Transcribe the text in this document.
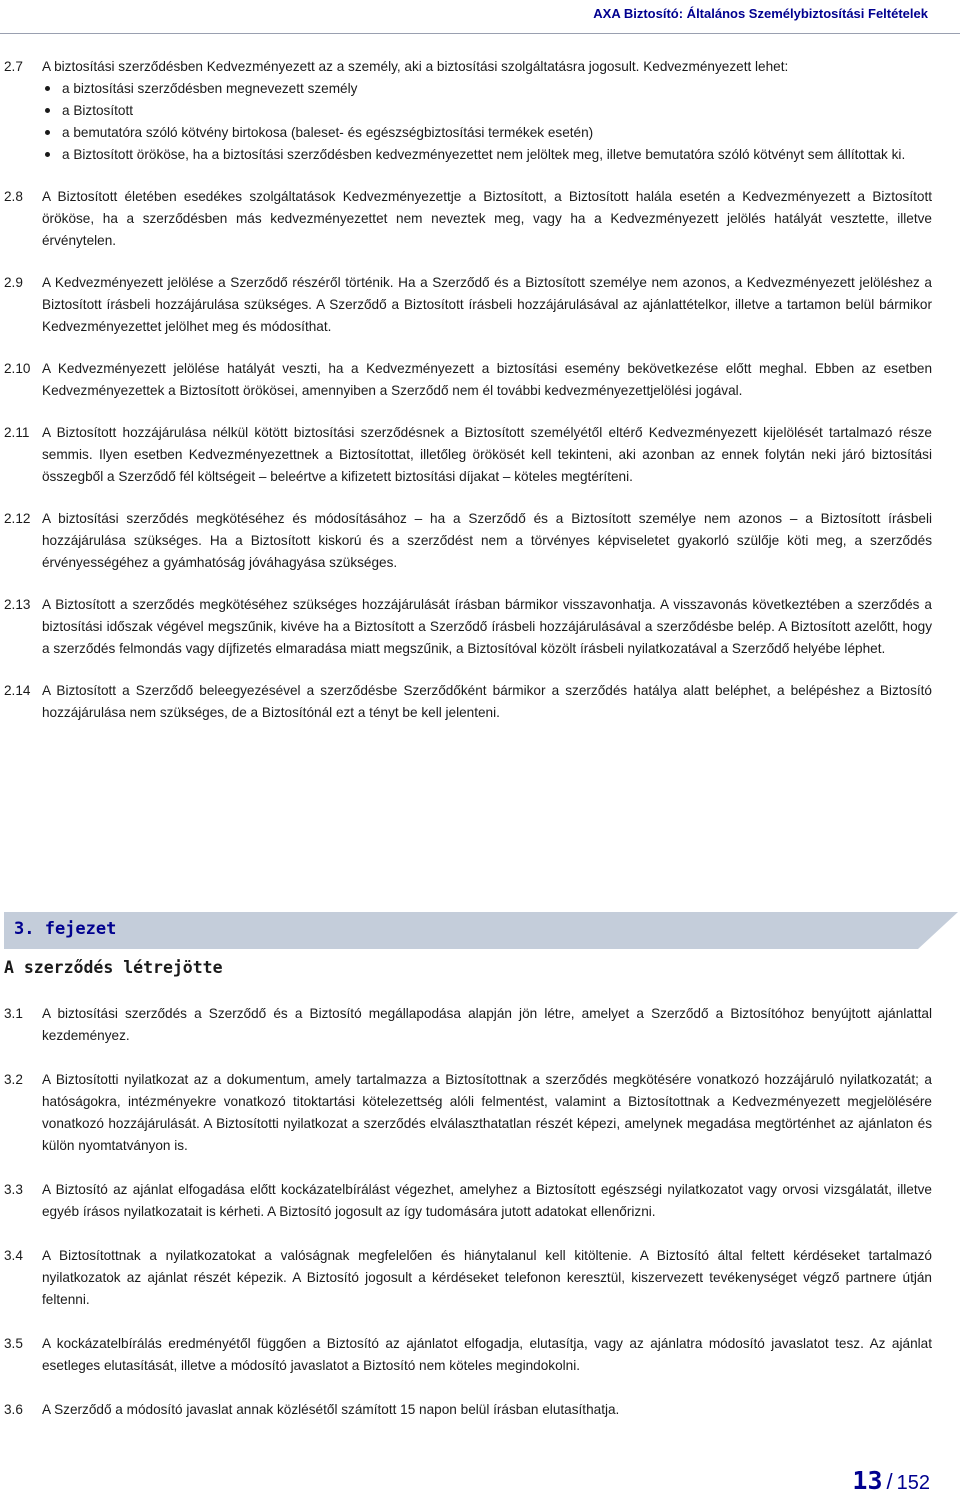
AXA Biztosító: Általános Személybiztosítási Feltételek
2.7 A biztosítási szerződésben Kedvezményezett az a személy, aki a biztosítási szolgáltatásra jogosult. Kedvezményezett lehet:
a biztosítási szerződésben megnevezett személy
a Biztosított
a bemutatóra szóló kötvény birtokosa (baleset- és egészségbiztosítási termékek esetén)
a Biztosított örököse, ha a biztosítási szerződésben kedvezményezettet nem jelöltek meg, illetve bemutatóra szóló kötvényt sem állítottak ki.
2.8 A Biztosított életében esedékes szolgáltatások Kedvezményezettje a Biztosított, a Biztosított halála esetén a Kedvezményezett a Biztosított örököse, ha a szerződésben más kedvezményezettet nem neveztek meg, vagy ha a Kedvezményezett jelölés hatályát vesztette, illetve érvénytelen.
2.9 A Kedvezményezett jelölése a Szerződő részéről történik. Ha a Szerződő és a Biztosított személye nem azonos, a Kedvezményezett jelöléshez a Biztosított írásbeli hozzájárulása szükséges. A Szerződő a Biztosított írásbeli hozzájárulásával az ajánlattételkor, illetve a tartamon belül bármikor Kedvezményezettet jelölhet meg és módosíthat.
2.10 A Kedvezményezett jelölése hatályát veszti, ha a Kedvezményezett a biztosítási esemény bekövetkezése előtt meghal. Ebben az esetben Kedvezményezettek a Biztosított örökösei, amennyiben a Szerződő nem él további kedvezményezettjelölési jogával.
2.11 A Biztosított hozzájárulása nélkül kötött biztosítási szerződésnek a Biztosított személyétől eltérő Kedvezményezett kijelölését tartalmazó része semmis. Ilyen esetben Kedvezményezettnek a Biztosítottat, illetőleg örökösét kell tekinteni, aki azonban az ennek folytán neki járó biztosítási összegből a Szerződő fél költségeit – beleértve a kifizetett biztosítási díjakat – köteles megtéríteni.
2.12 A biztosítási szerződés megkötéséhez és módosításához – ha a Szerződő és a Biztosított személye nem azonos – a Biztosított írásbeli hozzájárulása szükséges. Ha a Biztosított kiskorú és a szerződést nem a törvényes képviseletet gyakorló szülője köti meg, a szerződés érvényességéhez a gyámhatóság jóváhagyása szükséges.
2.13 A Biztosított a szerződés megkötéséhez szükséges hozzájárulását írásban bármikor visszavonhatja. A visszavonás következtében a szerződés a biztosítási időszak végével megszűnik, kivéve ha a Biztosított a Szerződő írásbeli hozzájárulásával a szerződésbe belép. A Biztosított azelőtt, hogy a szerződés felmondás vagy díjfizetés elmaradása miatt megszűnik, a Biztosítóval közölt írásbeli nyilatkozatával a Szerződő helyébe léphet.
2.14 A Biztosított a Szerződő beleegyezésével a szerződésbe Szerződőként bármikor a szerződés hatálya alatt beléphet, a belépéshez a Biztosító hozzájárulása nem szükséges, de a Biztosítónál ezt a tényt be kell jelenteni.
3. fejezet
A szerződés létrejötte
3.1 A biztosítási szerződés a Szerződő és a Biztosító megállapodása alapján jön létre, amelyet a Szerződő a Biztosítóhoz benyújtott ajánlattal kezdeményez.
3.2 A Biztosítotti nyilatkozat az a dokumentum, amely tartalmazza a Biztosítottnak a szerződés megkötésére vonatkozó hozzájáruló nyilatkozatát; a hatóságokra, intézményekre vonatkozó titoktartási kötelezettség alóli felmentést, valamint a Biztosítottnak a Kedvezményezett megjelölésére vonatkozó hozzájárulását. A Biztosítotti nyilatkozat a szerződés elválaszthatatlan részét képezi, amelynek megadása megtörténhet az ajánlaton és külön nyomtatványon is.
3.3 A Biztosító az ajánlat elfogadása előtt kockázatelbírálást végezhet, amelyhez a Biztosított egészségi nyilatkozatot vagy orvosi vizsgálatát, illetve egyéb írásos nyilatkozatait is kérheti. A Biztosító jogosult az így tudomására jutott adatokat ellenőrizni.
3.4 A Biztosítottnak a nyilatkozatokat a valóságnak megfelelően és hiánytalanul kell kitöltenie. A Biztosító által feltett kérdéseket tartalmazó nyilatkozatok az ajánlat részét képezik. A Biztosító jogosult a kérdéseket telefonon keresztül, kiszervezett tevékenységet végző partnere útján feltenni.
3.5 A kockázatelbírálás eredményétől függően a Biztosító az ajánlatot elfogadja, elutasítja, vagy az ajánlatra módosító javaslatot tesz. Az ajánlat esetleges elutasítását, illetve a módosító javaslatot a Biztosító nem köteles megindokolni.
3.6 A Szerződő a módosító javaslat annak közlésétől számított 15 napon belül írásban elutasíthatja.
13 / 152
